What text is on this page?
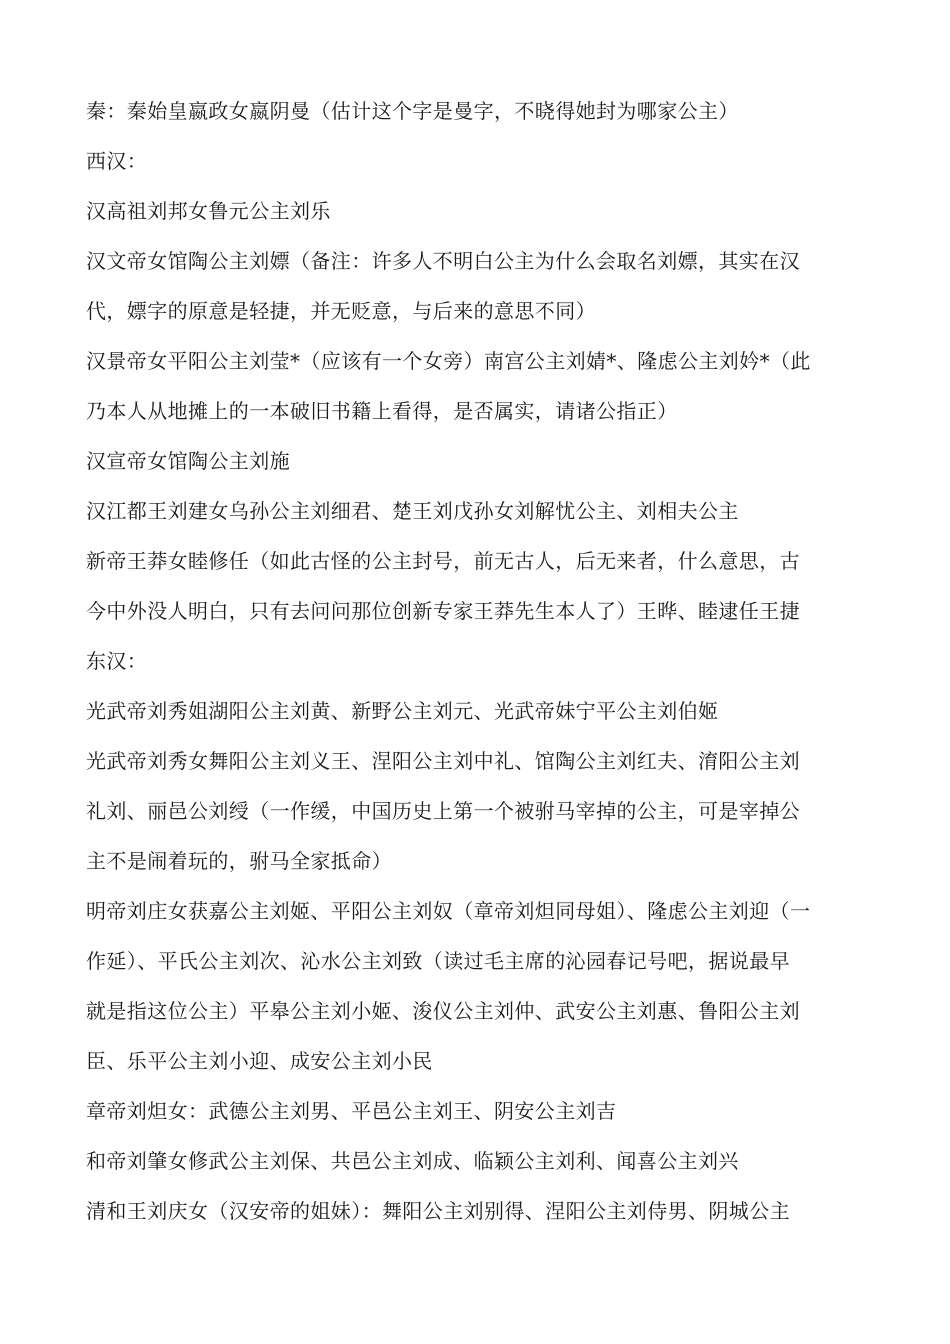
秦：秦始皇嬴政女嬴阴曼（估计这个字是曼字，不晓得她封为哪家公主）
西汉：
汉高祖刘邦女鲁元公主刘乐
汉文帝女馆陶公主刘嫖（备注：许多人不明白公主为什么会取名刘嫖，其实在汉
代，嫖字的原意是轻捷，并无贬意，与后来的意思不同）
汉景帝女平阳公主刘莹*（应该有一个女旁）南宫公主刘婧*、隆虑公主刘妗*（此
乃本人从地摊上的一本破旧书籍上看得，是否属实，请诸公指正）
汉宣帝女馆陶公主刘施
汉江都王刘建女乌孙公主刘细君、楚王刘戊孙女刘解忧公主、刘相夫公主
新帝王莽女睦修任（如此古怪的公主封号，前无古人，后无来者，什么意思，古
今中外没人明白，只有去问问那位创新专家王莽先生本人了）王晔、睦逮任王捷
东汉：
光武帝刘秀姐湖阳公主刘黄、新野公主刘元、光武帝妹宁平公主刘伯姬
光武帝刘秀女舞阳公主刘义王、涅阳公主刘中礼、馆陶公主刘红夫、淯阳公主刘
礼刘、丽邑公刘绶（一作缓，中国历史上第一个被驸马宰掉的公主，可是宰掉公
主不是闹着玩的，驸马全家抵命）
明帝刘庄女获嘉公主刘姬、平阳公主刘奴（章帝刘炟同母姐）、隆虑公主刘迎（一
作延）、平氏公主刘次、沁水公主刘致（读过毛主席的沁园春记号吧，据说最早
就是指这位公主）平皋公主刘小姬、浚仪公主刘仲、武安公主刘惠、鲁阳公主刘
臣、乐平公主刘小迎、成安公主刘小民
章帝刘炟女：武德公主刘男、平邑公主刘王、阴安公主刘吉
和帝刘肇女修武公主刘保、共邑公主刘成、临颖公主刘利、闻喜公主刘兴
清和王刘庆女（汉安帝的姐妹）：舞阳公主刘别得、涅阳公主刘侍男、阴城公主
